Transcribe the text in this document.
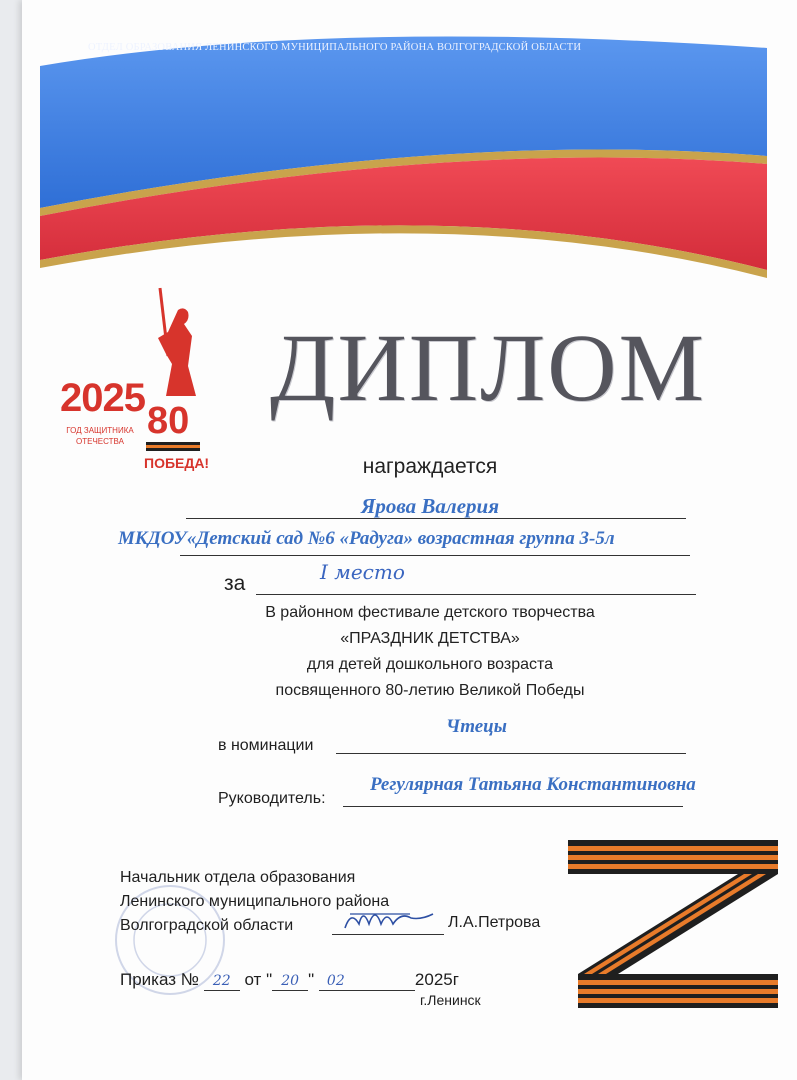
ОТДЕЛ ОБРАЗОВАНИЯ ЛЕНИНСКОГО МУНИЦИПАЛЬНОГО РАЙОНА ВОЛГОГРАДСКОЙ ОБЛАСТИ
2025
ГОД ЗАЩИТНИКА
ОТЕЧЕСТВА 80
ПОБЕДА!
ДИПЛОМ
награждается
Ярова Валерия
МКДОУ«Детский сад №6 «Радуга» возрастная группа 3-5л
за	I место
В районном фестивале детского творчества
«ПРАЗДНИК ДЕТСТВА»
для детей дошкольного возраста
посвященного 80-летию Великой Победы
в номинации
Чтецы
Руководитель:
Регулярная Татьяна Константиновна
Начальник отдела образования
Ленинского муниципального района
Волгоградской области	Л.А.Петрова
Приказ № 22 от " 20 " 02	2025г
г.Ленинск
